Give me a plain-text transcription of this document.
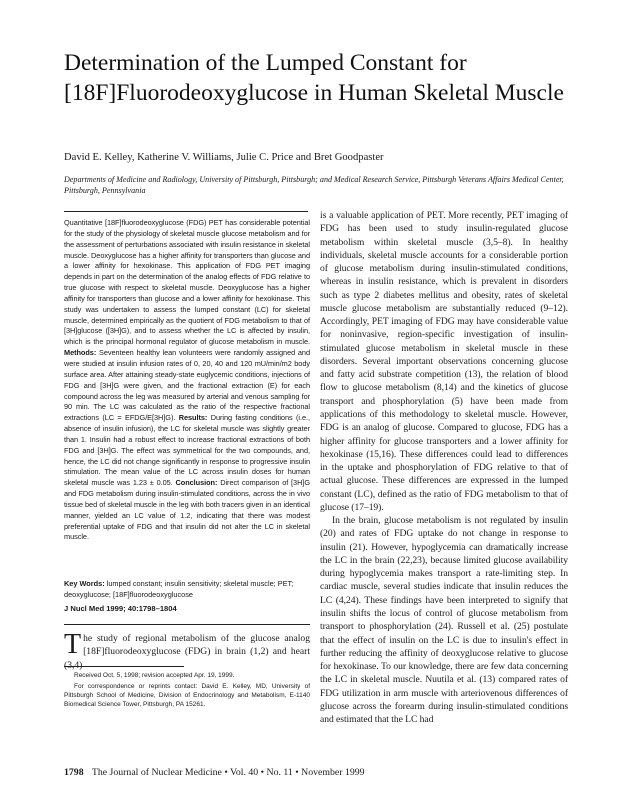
Determination of the Lumped Constant for [18F]Fluorodeoxyglucose in Human Skeletal Muscle
David E. Kelley, Katherine V. Williams, Julie C. Price and Bret Goodpaster
Departments of Medicine and Radiology, University of Pittsburgh, Pittsburgh; and Medical Research Service, Pittsburgh Veterans Affairs Medical Center, Pittsburgh, Pennsylvania
Quantitative [18F]fluorodeoxyglucose (FDG) PET has considerable potential for the study of the physiology of skeletal muscle glucose metabolism and for the assessment of perturbations associated with insulin resistance in skeletal muscle. Deoxyglucose has a higher affinity for transporters than glucose and a lower affinity for hexokinase. This application of FDG PET imaging depends in part on the determination of the analog effects of FDG relative to true glucose with respect to skeletal muscle. Deoxyglucose has a higher affinity for transporters than glucose and a lower affinity for hexokinase. This study was undertaken to assess the lumped constant (LC) for skeletal muscle, determined empirically as the quotient of FDG metabolism to that of [3H]glucose ([3H]G), and to assess whether the LC is affected by insulin, which is the principal hormonal regulator of glucose metabolism in muscle. Methods: Seventeen healthy lean volunteers were randomly assigned and were studied at insulin infusion rates of 0, 20, 40 and 120 mU/min/m2 body surface area. After attaining steady-state euglycemic conditions, injections of FDG and [3H]G were given, and the fractional extraction (E) for each compound across the leg was measured by arterial and venous sampling for 90 min. The LC was calculated as the ratio of the respective fractional extractions (LC = EFDG/E[3H]G). Results: During fasting conditions (i.e., absence of insulin infusion), the LC for skeletal muscle was slightly greater than 1. Insulin had a robust effect to increase fractional extractions of both FDG and [3H]G. The effect was symmetrical for the two compounds, and, hence, the LC did not change significantly in response to progressive insulin stimulation. The mean value of the LC across insulin doses for human skeletal muscle was 1.23 ± 0.05. Conclusion: Direct comparison of [3H]G and FDG metabolism during insulin-stimulated conditions, across the in vivo tissue bed of skeletal muscle in the leg with both tracers given in an identical manner, yielded an LC value of 1.2, indicating that there was modest preferential uptake of FDG and that insulin did not alter the LC in skeletal muscle.
Key Words: lumped constant; insulin sensitivity; skeletal muscle; PET; deoxyglucose; [18F]fluorodeoxyglucose
J Nucl Med 1999; 40:1798–1804
T he study of regional metabolism of the glucose analog [18F]fluorodeoxyglucose (FDG) in brain (1,2) and heart

Received Oct. 5, 1998; revision accepted Apr. 19, 1999.

For correspondence or reprints contact: David E. Kelley, MD, University of Pittsburgh School of Medicine, Division of Endocrinology and Metabolism, E-1140 Biomedical Science Tower, Pittsburgh, PA 15261.

is a valuable application of PET. More recently, PET imaging of FDG has been used to study insulin-regulated glucose metabolism within skeletal muscle (3,5–8). In healthy individuals, skeletal muscle accounts for a considerable portion of glucose metabolism during insulin-stimulated conditions, whereas in insulin resistance, which is prevalent in disorders such as type 2 diabetes mellitus and obesity, rates of skeletal muscle glucose metabolism are substantially reduced (9–12). Accordingly, PET imaging of FDG may have considerable value for noninvasive, region-specific investigation of insulin-stimulated glucose metabolism in skeletal muscle in these disorders. Several important observations concerning glucose and fatty acid substrate competition (13), the relation of blood flow to glucose metabolism (8,14) and the kinetics of glucose transport and phosphorylation (5) have been made from applications of this methodology to skeletal muscle. However, FDG is an analog of glucose. Compared to glucose, FDG has a higher affinity for glucose transporters and a lower affinity for hexokinase (15,16). These differences could lead to differences in the uptake and phosphorylation of FDG relative to that of actual glucose. These differences are expressed in the lumped constant (LC), defined as the ratio of FDG metabolism to that of glucose (17–19).

In the brain, glucose metabolism is not regulated by insulin (20) and rates of FDG uptake do not change in response to insulin (21). However, hypoglycemia can dramatically increase the LC in the brain (22,23), because limited glucose availability during hypoglycemia makes transport a rate-limiting step. In cardiac muscle, several studies indicate that insulin reduces the LC (4,24). These findings have been interpreted to signify that insulin shifts the locus of control of glucose metabolism from transport to phosphorylation (24). Russell et al. (25) postulate that the effect of insulin on the LC is due to insulin's effect in further reducing the affinity of deoxyglucose relative to glucose for hexokinase. To our knowledge, there are few data concerning the LC in skeletal muscle. Nuutila et al. (13) compared rates of FDG utilization in arm muscle with arteriovenous differences of glucose across the forearm during insulin-stimulated conditions and estimated that the LC had

1798 The Journal of Nuclear Medicine • Vol. 40 • No. 11 • November 1999
